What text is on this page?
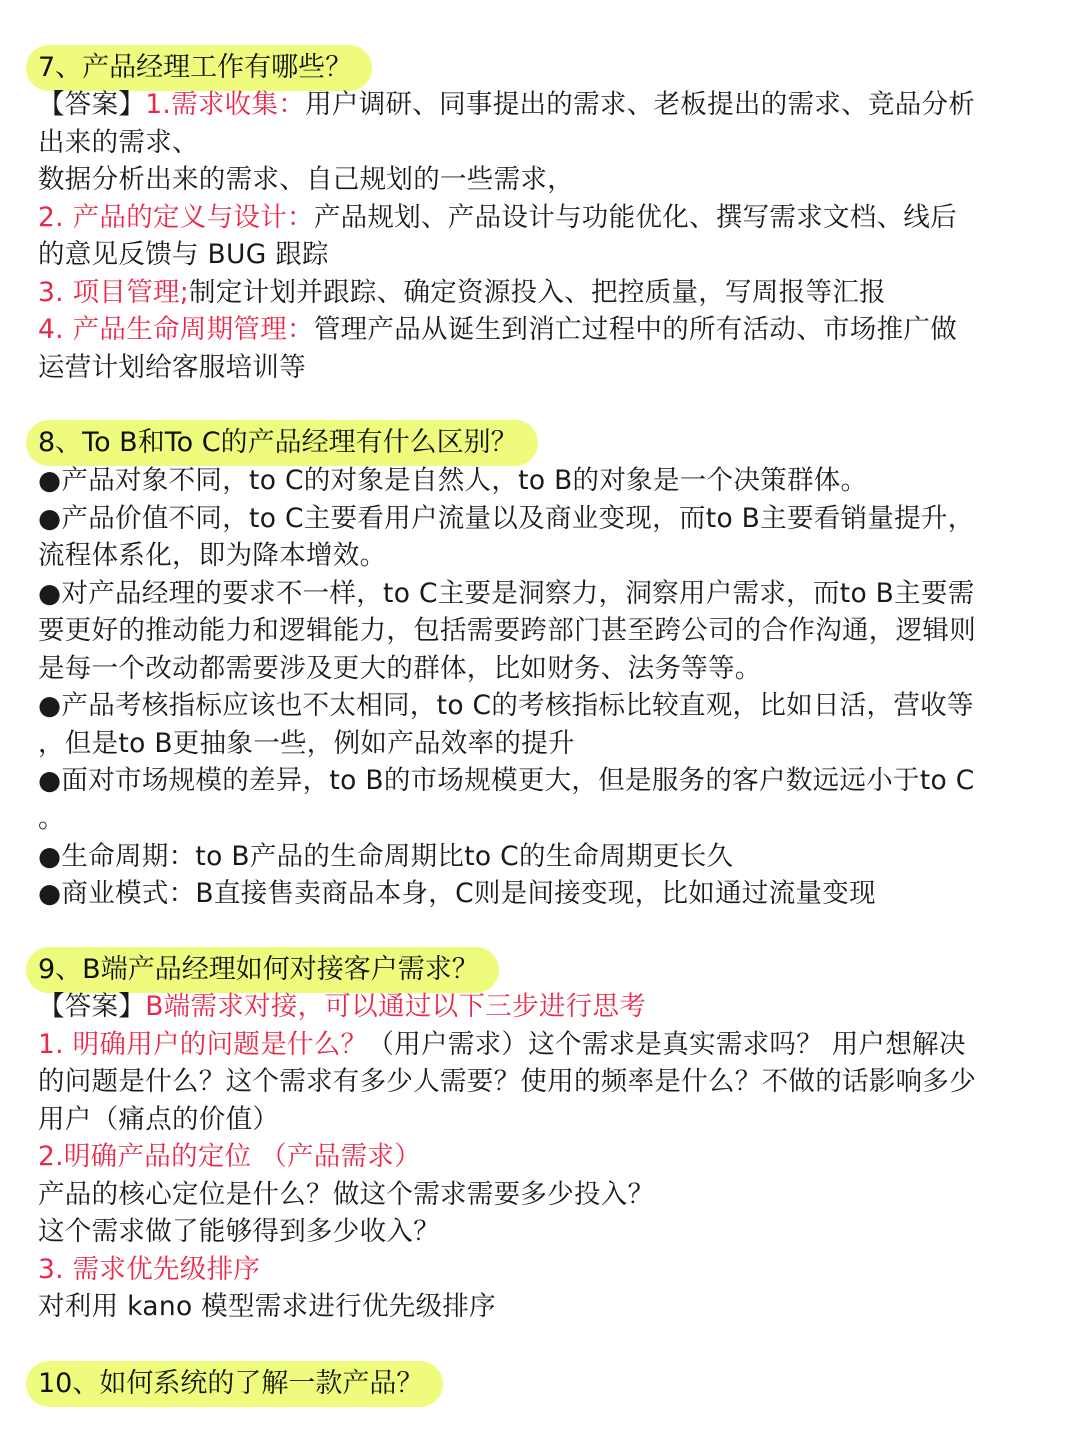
7、产品经理工作有哪些？
【答案】1.需求收集：用户调研、同事提出的需求、老板提出的需求、竞品分析
出来的需求、
数据分析出来的需求、自己规划的一些需求，
2. 产品的定义与设计：产品规划、产品设计与功能优化、撰写需求文档、线后
的意见反馈与 BUG 跟踪
3. 项目管理;制定计划并跟踪、确定资源投入、把控质量，写周报等汇报
4. 产品生命周期管理：管理产品从诞生到消亡过程中的所有活动、市场推广做
运营计划给客服培训等
8、To B和To C的产品经理有什么区别？
●产品对象不同，to C的对象是自然人，to B的对象是一个决策群体。
●产品价值不同，to C主要看用户流量以及商业变现，而to B主要看销量提升，
流程体系化，即为降本增效。
●对产品经理的要求不一样，to C主要是洞察力，洞察用户需求，而to B主要需
要更好的推动能力和逻辑能力，包括需要跨部门甚至跨公司的合作沟通，逻辑则
是每一个改动都需要涉及更大的群体，比如财务、法务等等。
●产品考核指标应该也不太相同，to C的考核指标比较直观，比如日活，营收等
，但是to B更抽象一些，例如产品效率的提升
●面对市场规模的差异，to B的市场规模更大，但是服务的客户数远远小于to C
。
●生命周期：to B产品的生命周期比to C的生命周期更长久
●商业模式：B直接售卖商品本身，C则是间接变现，比如通过流量变现
9、B端产品经理如何对接客户需求？
【答案】B端需求对接，可以通过以下三步进行思考
1. 明确用户的问题是什么？（用户需求）这个需求是真实需求吗？ 用户想解决
的问题是什么？这个需求有多少人需要？使用的频率是什么？不做的话影响多少
用户（痛点的价值）
2.明确产品的定位 （产品需求）
产品的核心定位是什么？做这个需求需要多少投入？
这个需求做了能够得到多少收入？
3. 需求优先级排序
对利用 kano 模型需求进行优先级排序
10、如何系统的了解一款产品？
